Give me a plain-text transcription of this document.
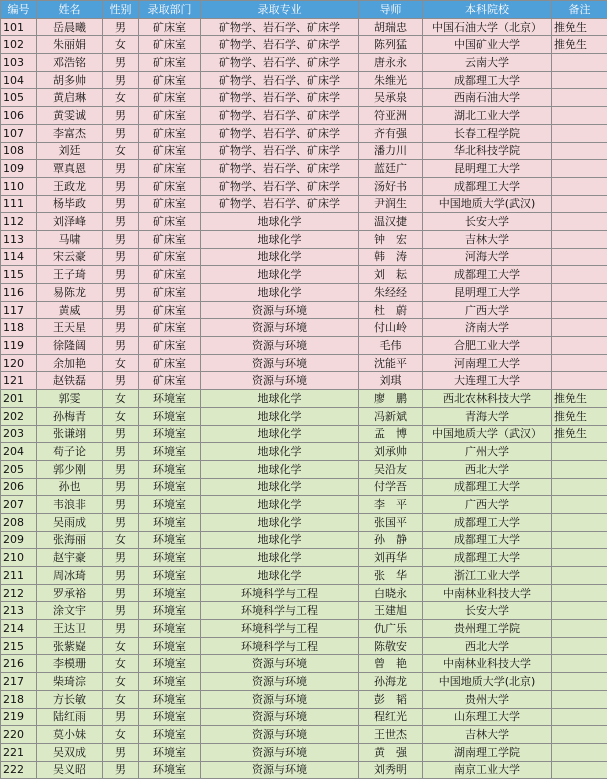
编号	姓名	性别	录取部门	录取专业	导师	本科院校	备注
101	岳晨曦	男	矿床室	矿物学、岩石学、矿床学	胡瑞忠	中国石油大学（北京）	推免生
102	朱丽娟	女	矿床室	矿物学、岩石学、矿床学	陈列猛	中国矿业大学	推免生
103	邓浩铭	男	矿床室	矿物学、岩石学、矿床学	唐永永	云南大学	
104	胡多帅	男	矿床室	矿物学、岩石学、矿床学	朱维光	成都理工大学	
105	黄启琳	女	矿床室	矿物学、岩石学、矿床学	吴承泉	西南石油大学	
106	黄雯诚	男	矿床室	矿物学、岩石学、矿床学	符亚洲	湖北工业大学	
107	李富杰	男	矿床室	矿物学、岩石学、矿床学	齐有强	长春工程学院	
108	刘廷	女	矿床室	矿物学、岩石学、矿床学	潘力川	华北科技学院	
109	覃真恩	男	矿床室	矿物学、岩石学、矿床学	蓝廷广	昆明理工大学	
110	王政龙	男	矿床室	矿物学、岩石学、矿床学	汤好书	成都理工大学	
111	杨毕政	男	矿床室	矿物学、岩石学、矿床学	尹润生	中国地质大学(武汉)	
112	刘泽峰	男	矿床室	地球化学	温汉捷	长安大学	
113	马啸	男	矿床室	地球化学	钟　宏	吉林大学	
114	宋云豪	男	矿床室	地球化学	韩　涛	河海大学	
115	王子琦	男	矿床室	地球化学	刘　耘	成都理工大学	
116	易陈龙	男	矿床室	地球化学	朱经经	昆明理工大学	
117	黄威	男	矿床室	资源与环境	杜　蔚	广西大学	
118	王天星	男	矿床室	资源与环境	付山岭	济南大学	
119	徐隆阔	男	矿床室	资源与环境	毛伟	合肥工业大学	
120	余加艳	女	矿床室	资源与环境	沈能平	河南理工大学	
121	赵铁磊	男	矿床室	资源与环境	刘琪	大连理工大学	
201	郭雯	女	环境室	地球化学	廖　鹏	西北农林科技大学	推免生
202	孙梅青	女	环境室	地球化学	冯新斌	青海大学	推免生
203	张谦翊	男	环境室	地球化学	孟　博	中国地质大学（武汉）	推免生
204	苟子论	男	环境室	地球化学	刘承帅	广州大学	
205	郭少刚	男	环境室	地球化学	吴沿友	西北大学	
206	孙也	男	环境室	地球化学	付学吾	成都理工大学	
207	韦浪非	男	环境室	地球化学	李　平	广西大学	
208	吴雨成	男	环境室	地球化学	张国平	成都理工大学	
209	张海丽	女	环境室	地球化学	孙　静	成都理工大学	
210	赵宇豪	男	环境室	地球化学	刘再华	成都理工大学	
211	周冰琦	男	环境室	地球化学	张　华	浙江工业大学	
212	罗承裕	男	环境室	环境科学与工程	白晓永	中南林业科技大学	
213	涂文宇	男	环境室	环境科学与工程	王建旭	长安大学	
214	王达卫	男	环境室	环境科学与工程	仇广乐	贵州理工学院	
215	张紫嶷	女	环境室	环境科学与工程	陈敬安	西北大学	
216	李模珊	女	环境室	资源与环境	曾　艳	中南林业科技大学	
217	柴琦淙	女	环境室	资源与环境	孙海龙	中国地质大学(北京)	
218	方长敏	女	环境室	资源与环境	彭　韬	贵州大学	
219	陆红雨	男	环境室	资源与环境	程红光	山东理工大学	
220	莫小妹	女	环境室	资源与环境	王世杰	吉林大学	
221	吴双成	男	环境室	资源与环境	黄　强	湖南理工学院	
222	吴义昭	男	环境室	资源与环境	刘秀明	南京工业大学	
